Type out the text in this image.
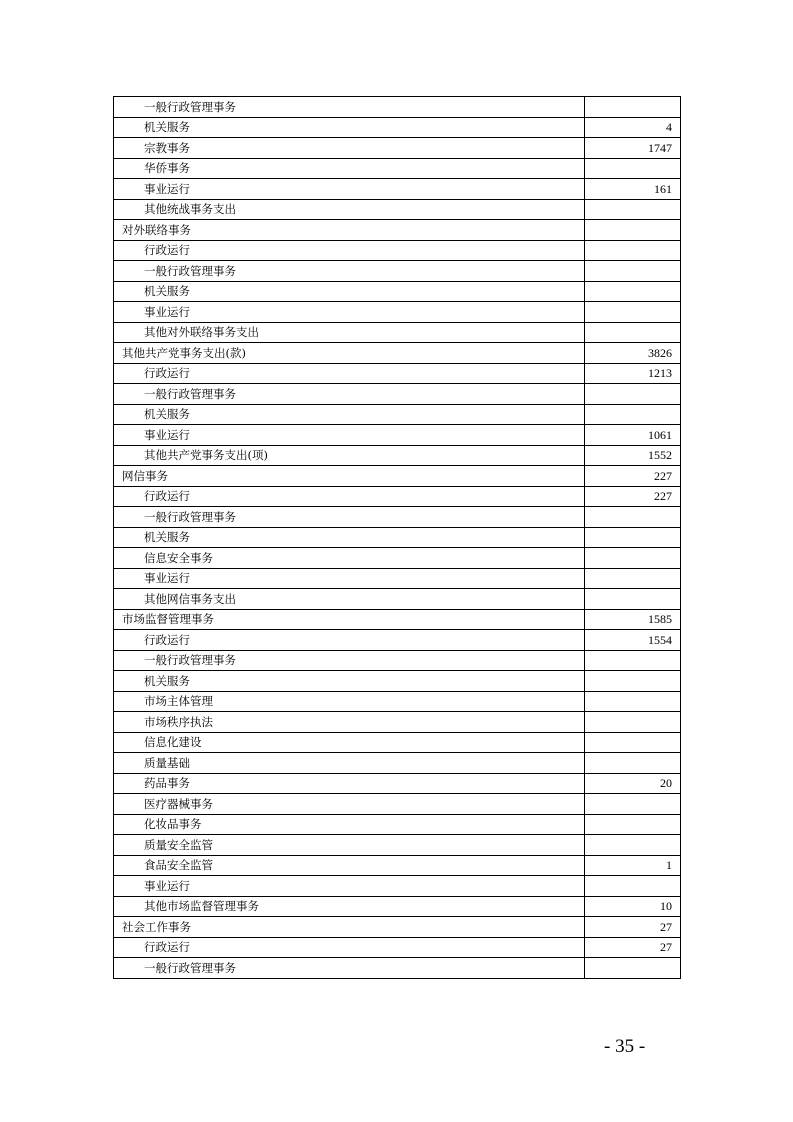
一般行政管理事务	
机关服务	4
宗教事务	1747
华侨事务	
事业运行	161
其他统战事务支出	
对外联络事务	
行政运行	
一般行政管理事务	
机关服务	
事业运行	
其他对外联络事务支出	
其他共产党事务支出(款)	3826
行政运行	1213
一般行政管理事务	
机关服务	
事业运行	1061
其他共产党事务支出(项)	1552
网信事务	227
行政运行	227
一般行政管理事务	
机关服务	
信息安全事务	
事业运行	
其他网信事务支出	
市场监督管理事务	1585
行政运行	1554
一般行政管理事务	
机关服务	
市场主体管理	
市场秩序执法	
信息化建设	
质量基础	
药品事务	20
医疗器械事务	
化妆品事务	
质量安全监管	
食品安全监管	1
事业运行	
其他市场监督管理事务	10
社会工作事务	27
行政运行	27
一般行政管理事务	
- 35 -
